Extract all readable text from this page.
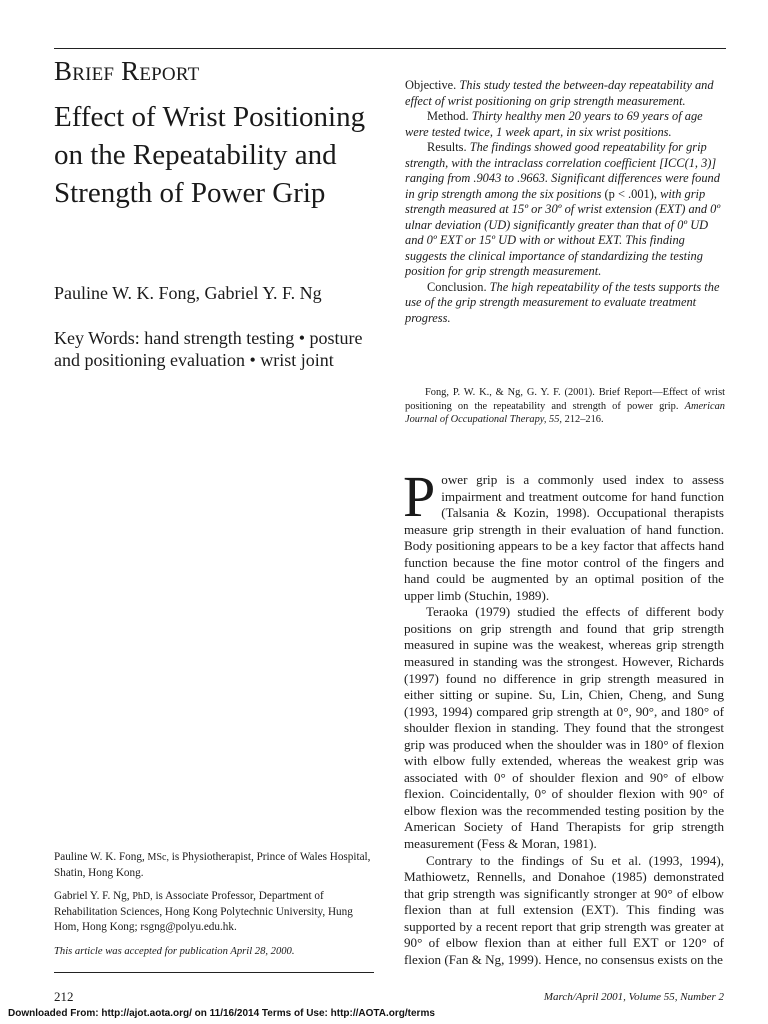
Brief Report
Effect of Wrist Positioning on the Repeatability and Strength of Power Grip

Pauline W. K. Fong, Gabriel Y. F. Ng

Key Words: hand strength testing • posture and positioning evaluation • wrist joint

Objective. This study tested the between-day repeatability and effect of wrist positioning on grip strength measurement.

Method. Thirty healthy men 20 years to 69 years of age were tested twice, 1 week apart, in six wrist positions.

Results. The findings showed good repeatability for grip strength, with the intraclass correlation coefficient [ICC(1, 3)] ranging from .9043 to .9663. Significant differences were found in grip strength among the six positions (p < .001), with grip strength measured at 15º or 30º of wrist extension (EXT) and 0º ulnar deviation (UD) significantly greater than that of 0º UD and 0º EXT or 15º UD with or without EXT. This finding suggests the clinical importance of standardizing the testing position for grip strength measurement.

Conclusion. The high repeatability of the tests supports the use of the grip strength measurement to evaluate treatment progress.

Fong, P. W. K., & Ng, G. Y. F. (2001). Brief Report—Effect of wrist positioning on the repeatability and strength of power grip. American Journal of Occupational Therapy, 55, 212–216.

Power grip is a commonly used index to assess impairment and treatment outcome for hand function (Talsania & Kozin, 1998). Occupational therapists measure grip strength in their evaluation of hand function. Body positioning appears to be a key factor that affects hand function because the fine motor control of the fingers and hand could be augmented by an optimal position of the upper limb (Stuchin, 1989).

Teraoka (1979) studied the effects of different body positions on grip strength and found that grip strength measured in supine was the weakest, whereas grip strength measured in standing was the strongest. However, Richards (1997) found no difference in grip strength measured in either sitting or supine. Su, Lin, Chien, Cheng, and Sung (1993, 1994) compared grip strength at 0°, 90°, and 180° of shoulder flexion in standing. They found that the strongest grip was produced when the shoulder was in 180° of flexion with elbow fully extended, whereas the weakest grip was associated with 0° of shoulder flexion and 90° of elbow flexion. Coincidentally, 0° of shoulder flexion with 90° of elbow flexion was the recommended testing position by the American Society of Hand Therapists for grip strength measurement (Fess & Moran, 1981).

Contrary to the findings of Su et al. (1993, 1994), Mathiowetz, Rennells, and Donahoe (1985) demonstrated that grip strength was significantly stronger at 90° of elbow flexion than at full extension (EXT). This finding was supported by a recent report that grip strength was greater at 90° of elbow flexion than at either full EXT or 120° of flexion (Fan & Ng, 1999). Hence, no consensus exists on the

Pauline W. K. Fong, MSc, is Physiotherapist, Prince of Wales Hospital, Shatin, Hong Kong.

Gabriel Y. F. Ng, PhD, is Associate Professor, Department of Rehabilitation Sciences, Hong Kong Polytechnic University, Hung Hom, Hong Kong; rsgng@polyu.edu.hk.

This article was accepted for publication April 28, 2000.

212	March/April 2001, Volume 55, Number 2

Downloaded From: http://ajot.aota.org/ on 11/16/2014 Terms of Use: http://AOTA.org/terms
